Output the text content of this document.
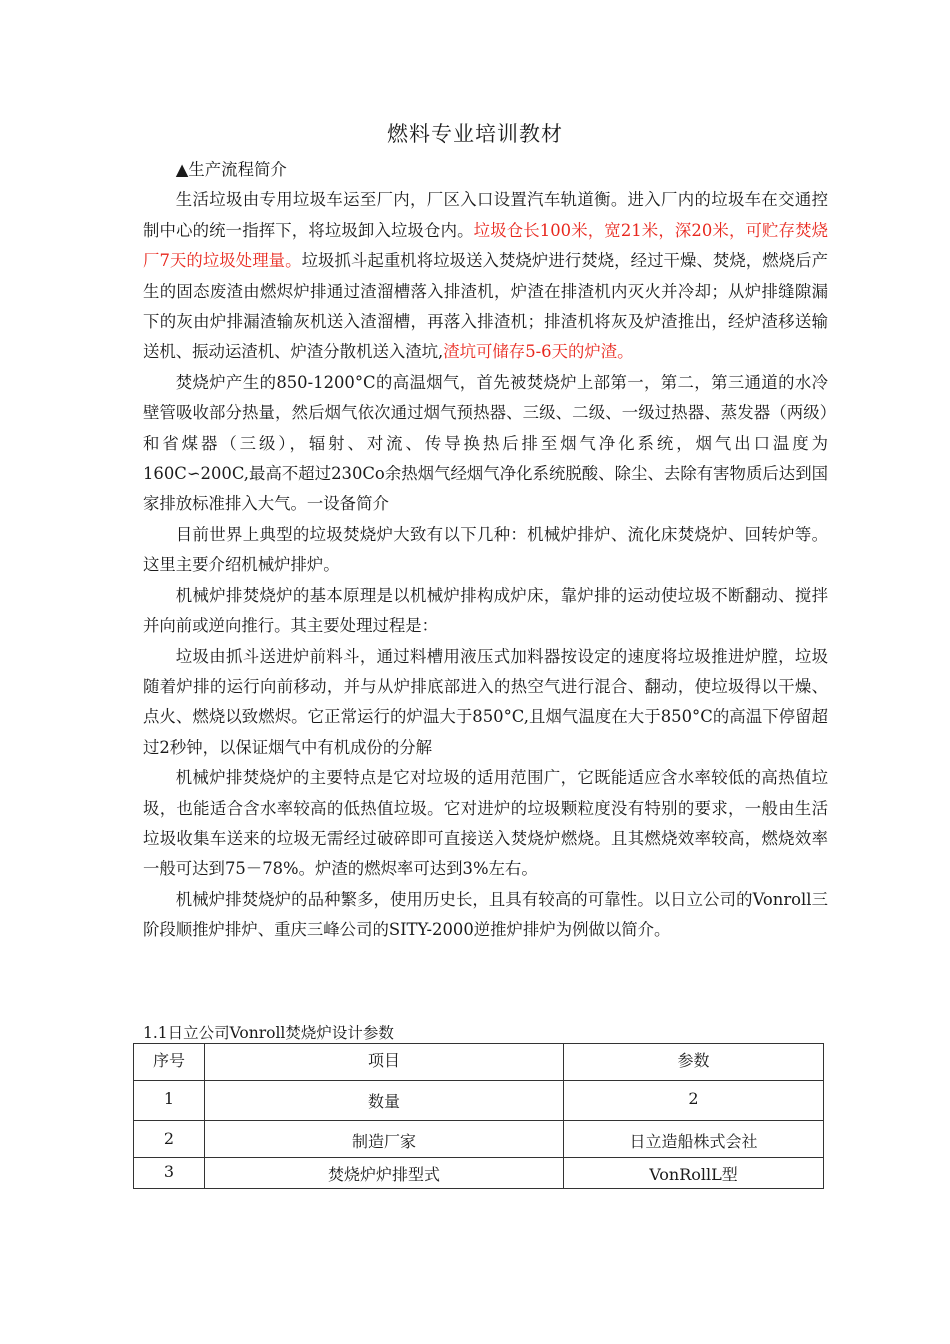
燃料专业培训教材

▲生产流程简介

生活垃圾由专用垃圾车运至厂内，厂区入口设置汽车轨道衡。进入厂内的垃圾车在交通控制中心的统一指挥下，将垃圾卸入垃圾仓内。垃圾仓长100米，宽21米，深20米，可贮存焚烧厂7天的垃圾处理量。垃圾抓斗起重机将垃圾送入焚烧炉进行焚烧，经过干燥、焚烧，燃烧后产生的固态废渣由燃烬炉排通过渣溜槽落入排渣机，炉渣在排渣机内灭火并冷却；从炉排缝隙漏下的灰由炉排漏渣输灰机送入渣溜槽，再落入排渣机；排渣机将灰及炉渣推出，经炉渣移送输送机、振动运渣机、炉渣分散机送入渣坑,渣坑可储存5-6天的炉渣。

焚烧炉产生的850-1200°C的高温烟气，首先被焚烧炉上部第一，第二，第三通道的水冷壁管吸收部分热量，然后烟气依次通过烟气预热器、三级、二级、一级过热器、蒸发器（两级）和省煤器（三级），辐射、对流、传导换热后排至烟气净化系统，烟气出口温度为160C∽200C,最高不超过230Co余热烟气经烟气净化系统脱酸、除尘、去除有害物质后达到国家排放标准排入大气。一设备简介

目前世界上典型的垃圾焚烧炉大致有以下几种：机械炉排炉、流化床焚烧炉、回转炉等。这里主要介绍机械炉排炉。

机械炉排焚烧炉的基本原理是以机械炉排构成炉床，靠炉排的运动使垃圾不断翻动、搅拌并向前或逆向推行。其主要处理过程是：

垃圾由抓斗送进炉前料斗，通过料槽用液压式加料器按设定的速度将垃圾推进炉膛，垃圾随着炉排的运行向前移动，并与从炉排底部进入的热空气进行混合、翻动，使垃圾得以干燥、点火、燃烧以致燃烬。它正常运行的炉温大于850°C,且烟气温度在大于850°C的高温下停留超过2秒钟，以保证烟气中有机成份的分解

机械炉排焚烧炉的主要特点是它对垃圾的适用范围广，它既能适应含水率较低的高热值垃圾，也能适合含水率较高的低热值垃圾。它对进炉的垃圾颗粒度没有特别的要求，一般由生活垃圾收集车送来的垃圾无需经过破碎即可直接送入焚烧炉燃烧。且其燃烧效率较高，燃烧效率一般可达到75－78%。炉渣的燃烬率可达到3%左右。

机械炉排焚烧炉的品种繁多，使用历史长，且具有较高的可靠性。以日立公司的Vonroll三阶段顺推炉排炉、重庆三峰公司的SITY-2000逆推炉排炉为例做以简介。

1.1日立公司Vonroll焚烧炉设计参数
序号	项目	参数
1	数量	2
2	制造厂家	日立造船株式会社
3	焚烧炉炉排型式	VonRollL型
